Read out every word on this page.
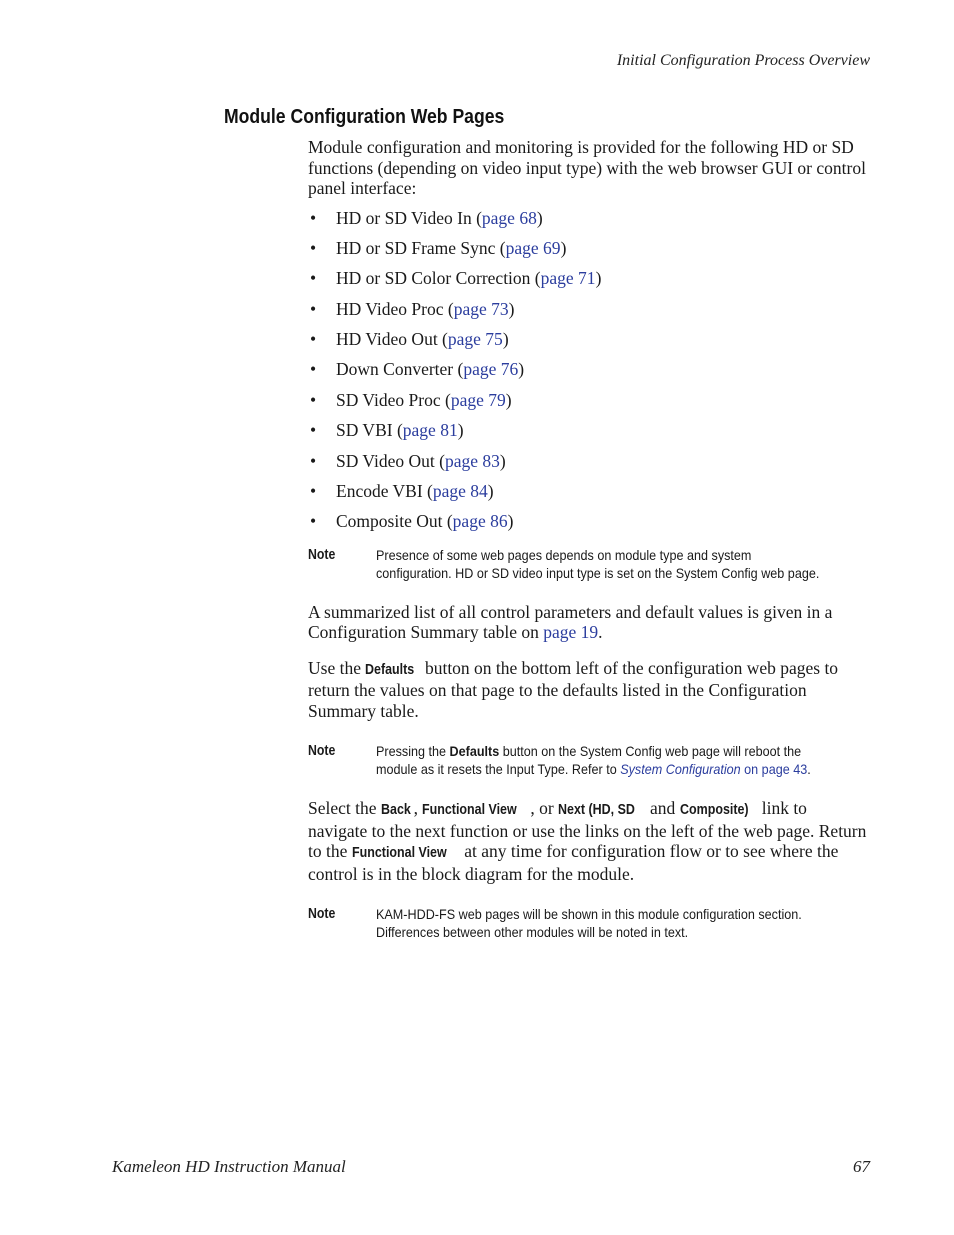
Initial Configuration Process Overview
Module Configuration Web Pages

Module configuration and monitoring is provided for the following HD or SD functions (depending on video input type) with the web browser GUI or control panel interface:

• HD or SD Video In (page 68)
• HD or SD Frame Sync (page 69)
• HD or SD Color Correction (page 71)
• HD Video Proc (page 73)
• HD Video Out (page 75)
• Down Converter (page 76)
• SD Video Proc (page 79)
• SD VBI (page 81)
• SD Video Out (page 83)
• Encode VBI (page 84)
• Composite Out (page 86)
Note	Presence of some web pages depends on module type and system configuration. HD or SD video input type is set on the System Config web page.

A summarized list of all control parameters and default values is given in a Configuration Summary table on page 19.

Use the Defaults button on the bottom left of the configuration web pages to return the values on that page to the defaults listed in the Configuration Summary table.

Note	Pressing the Defaults button on the System Config web page will reboot the module as it resets the Input Type. Refer to System Configuration on page 43.

Select the Back , Functional View , or Next (HD, SD and Composite) link to navigate to the next function or use the links on the left of the web page. Return to the Functional View at any time for configuration flow or to see where the control is in the block diagram for the module.

Note	KAM-HDD-FS web pages will be shown in this module configuration section. Differences between other modules will be noted in text.
Kameleon HD Instruction Manual	67
